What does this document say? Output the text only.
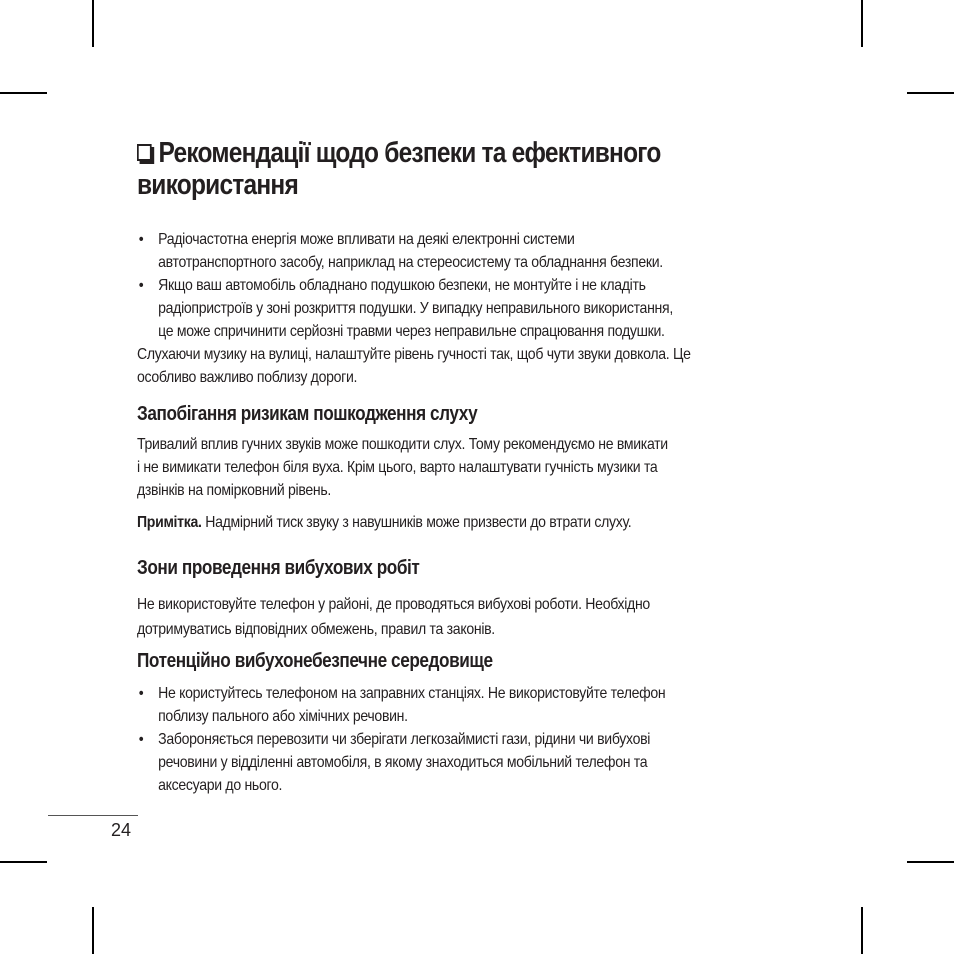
Рекомендації щодо безпеки та ефективного
використання
• Радіочастотна енергія може впливати на деякі електронні системи
автотранспортного засобу, наприклад на стереосистему та обладнання безпеки.
• Якщо ваш автомобіль обладнано подушкою безпеки, не монтуйте і не кладіть
радіопристроїв у зоні розкриття подушки. У випадку неправильного використання,
це може спричинити серйозні травми через неправильне спрацювання подушки.
Слухаючи музику на вулиці, налаштуйте рівень гучності так, щоб чути звуки довкола. Це
особливо важливо поблизу дороги.
Запобігання ризикам пошкодження слуху
Тривалий вплив гучних звуків може пошкодити слух. Тому рекомендуємо не вмикати
і не вимикати телефон біля вуха. Крім цього, варто налаштувати гучність музики та
дзвінків на помірковний рівень.
Примітка. Надмірний тиск звуку з навушників може призвести до втрати слуху.
Зони проведення вибухових робіт
Не використовуйте телефон у районі, де проводяться вибухові роботи. Необхідно
дотримуватись відповідних обмежень, правил та законів.
Потенційно вибухонебезпечне середовище
• Не користуйтесь телефоном на заправних станціях. Не використовуйте телефон
поблизу пального або хімічних речовин.
• Забороняється перевозити чи зберігати легкозаймисті гази, рідини чи вибухові
речовини у відділенні автомобіля, в якому знаходиться мобільний телефон та
аксесуари до нього.
24
